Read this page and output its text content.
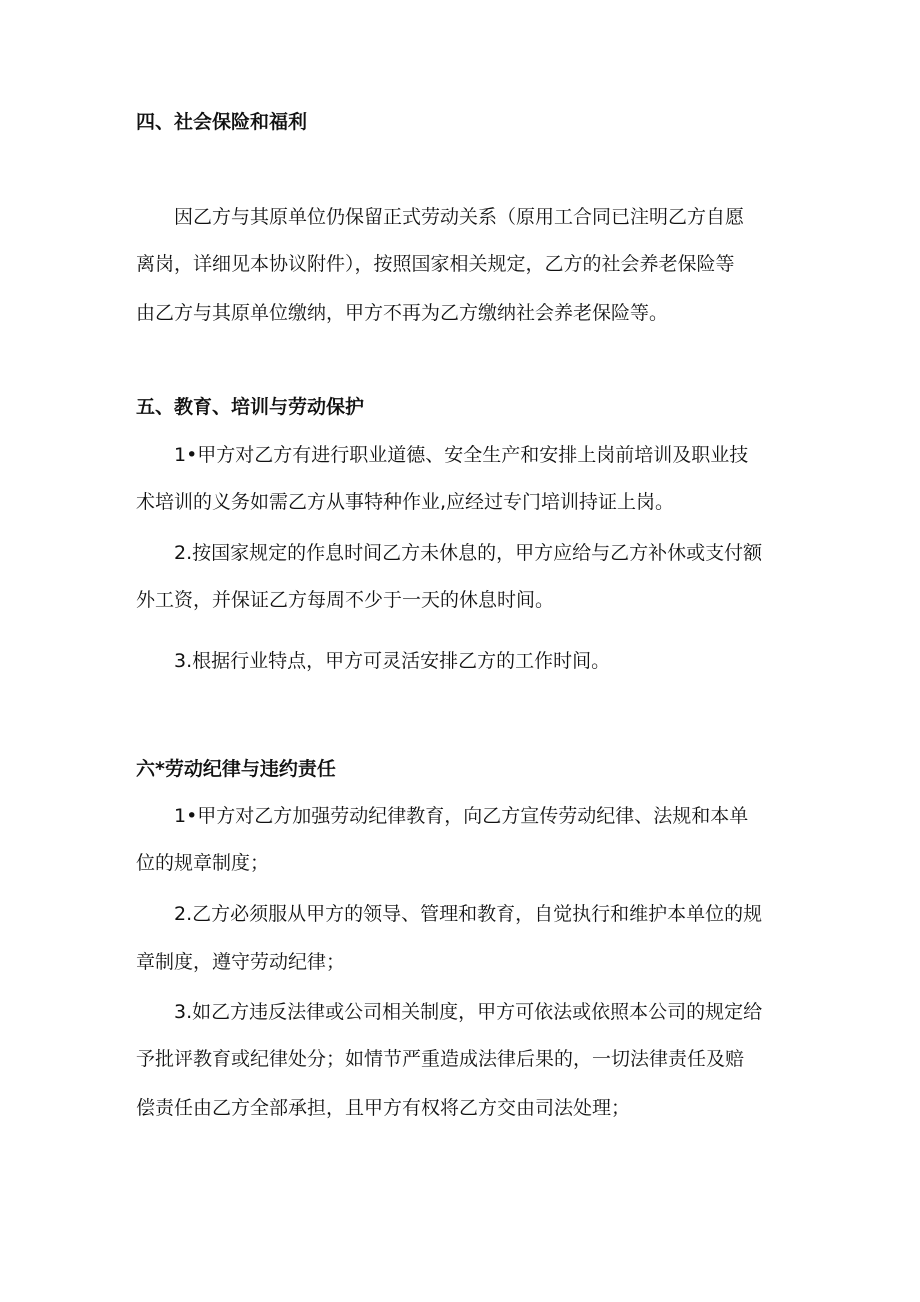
四、社会保险和福利
因乙方与其原单位仍保留正式劳动关系（原用工合同已注明乙方自愿
离岗，详细见本协议附件），按照国家相关规定，乙方的社会养老保险等
由乙方与其原单位缴纳，甲方不再为乙方缴纳社会养老保险等。
五、教育、培训与劳动保护
1•甲方对乙方有进行职业道德、安全生产和安排上岗前培训及职业技
术培训的义务如需乙方从事特种作业,应经过专门培训持证上岗。
2.按国家规定的作息时间乙方未休息的，甲方应给与乙方补休或支付额
外工资，并保证乙方每周不少于一天的休息时间。
3.根据行业特点，甲方可灵活安排乙方的工作时间。
六*劳动纪律与违约责任
1•甲方对乙方加强劳动纪律教育，向乙方宣传劳动纪律、法规和本单
位的规章制度；
2.乙方必须服从甲方的领导、管理和教育，自觉执行和维护本单位的规
章制度，遵守劳动纪律；
3.如乙方违反法律或公司相关制度，甲方可依法或依照本公司的规定给
予批评教育或纪律处分；如情节严重造成法律后果的，一切法律责任及赔
偿责任由乙方全部承担，且甲方有权将乙方交由司法处理；
